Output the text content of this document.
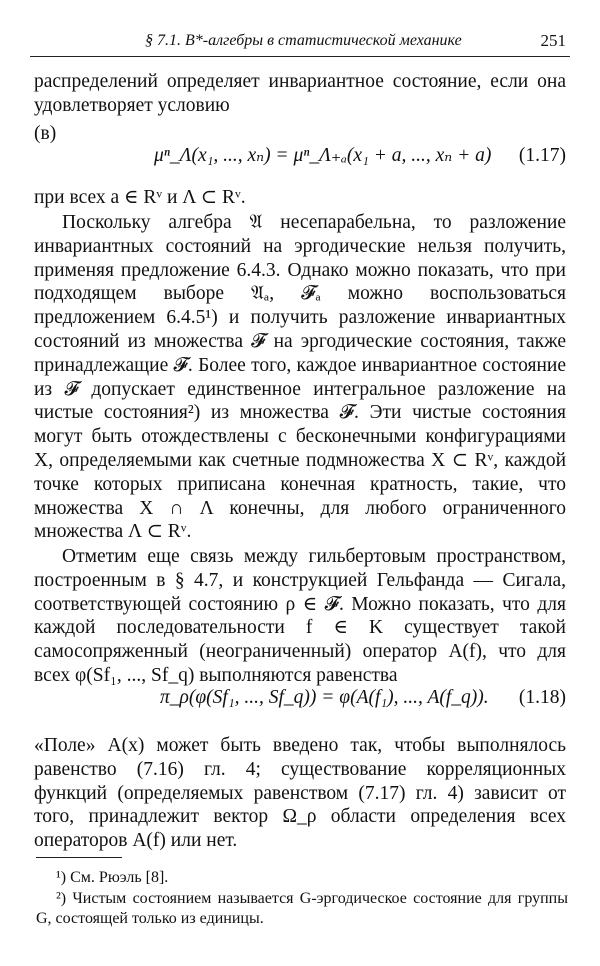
§ 7.1. B*-алгебры в статистической механике	251

распределений определяет инвариантное состояние, если она удовлетворяет условию

(в)
μⁿ_Λ(x₁, ..., xₙ) = μⁿ_Λ₊ₐ(x₁ + a, ..., xₙ + a) (1.17)

при всех a ∈ Rᵛ и Λ ⊂ Rᵛ.

Поскольку алгебра 𝔄 несепарабельна, то разложение инвариантных состояний на эргодические нельзя получить, применяя предложение 6.4.3. Однако можно показать, что при подходящем выборе 𝔄ₐ, 𝓕ₐ можно воспользоваться предложением 6.4.5¹) и получить разложение инвариантных состояний из множества 𝓕 на эргодические состояния, также принадлежащие 𝓕. Более того, каждое инвариантное состояние из 𝓕 допускает единственное интегральное разложение на чистые состояния²) из множества 𝓕. Эти чистые состояния могут быть отождествлены с бесконечными конфигурациями X, определяемыми как счетные подмножества X ⊂ Rᵛ, каждой точке которых приписана конечная кратность, такие, что множества X ∩ Λ конечны, для любого ограниченного множества Λ ⊂ Rᵛ.

Отметим еще связь между гильбертовым пространством, построенным в § 4.7, и конструкцией Гельфанда — Сигала, соответствующей состоянию ρ ∈ 𝓕. Можно показать, что для каждой последовательности f ∈ K существует такой самосопряженный (неограниченный) оператор A(f), что для всех φ(Sf₁, ..., Sf_q) выполняются равенства

π_ρ(φ(Sf₁, ..., Sf_q)) = φ(A(f₁), ..., A(f_q)). (1.18)

«Поле» A(x) может быть введено так, чтобы выполнялось равенство (7.16) гл. 4; существование корреляционных функций (определяемых равенством (7.17) гл. 4) зависит от того, принадлежит вектор Ω_ρ области определения всех операторов A(f) или нет.

¹) См. Рюэль [8].

²) Чистым состоянием называется G-эргодическое состояние для группы G, состоящей только из единицы.
